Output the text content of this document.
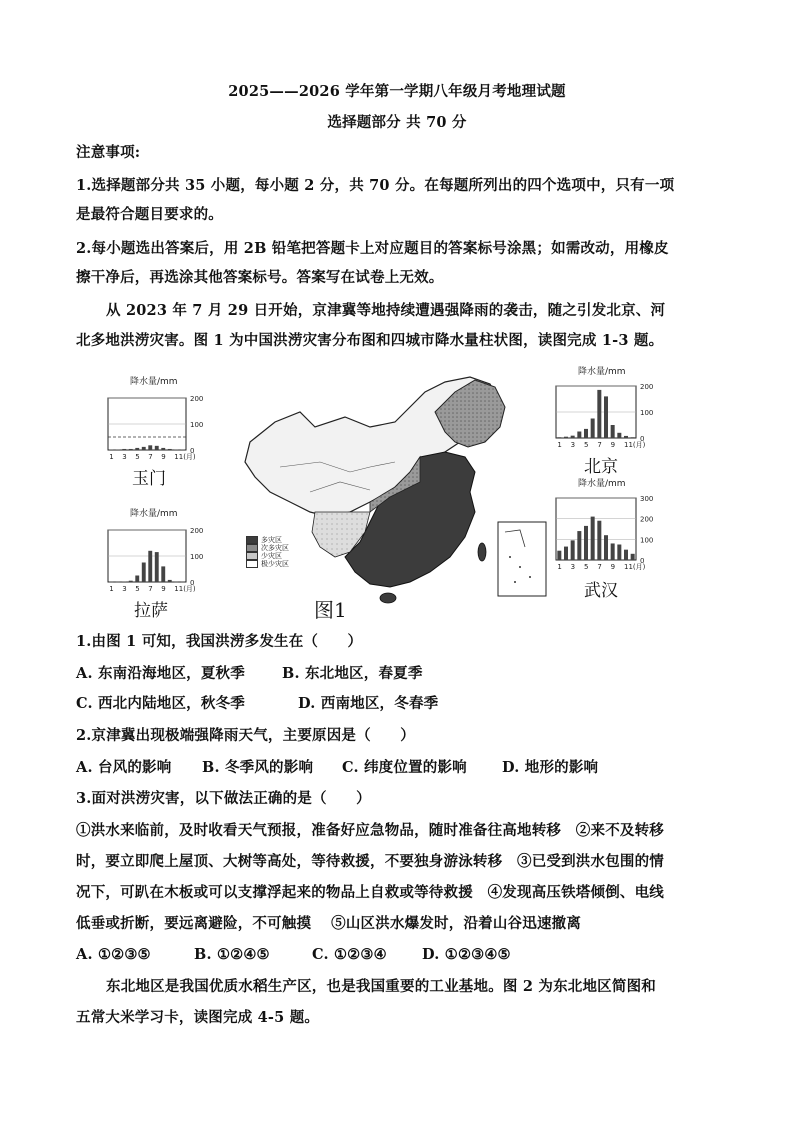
2025——2026 学年第一学期八年级月考地理试题
选择题部分 共 70 分
注意事项:
1.选择题部分共 35 小题，每小题 2 分，共 70 分。在每题所列出的四个选项中，只有一项
是最符合题目要求的。
2.每小题选出答案后，用 2B 铅笔把答题卡上对应题目的答案标号涂黑；如需改动，用橡皮
擦干净后，再选涂其他答案标号。答案写在试卷上无效。
从 2023 年 7 月 29 日开始，京津冀等地持续遭遇强降雨的袭击，随之引发北京、河
北多地洪涝灾害。图 1 为中国洪涝灾害分布图和四城市降水量柱状图，读图完成 1-3 题。
多灾区
次多灾区
少灾区
极少灾区
降水量/mm
100
200
0
1 3 5 7 9 11(月)
玉门
降水量/mm
100
200
0
1 3 5 7 9 11(月)
拉萨
降水量/mm
100
200
0
1 3 5 7 9 11(月)
北京
降水量/mm
100
200
300
0
1 3 5 7 9 11(月)
武汉
图1
1.由图 1 可知，我国洪涝多发生在（　　）
A. 东南沿海地区，夏秋季	B. 东北地区，春夏季
C. 西北内陆地区，秋冬季	D. 西南地区，冬春季
2.京津冀出现极端强降雨天气，主要原因是（　　）
A. 台风的影响 B. 冬季风的影响 C. 纬度位置的影响 D. 地形的影响
3.面对洪涝灾害，以下做法正确的是（　　）
①洪水来临前，及时收看天气预报，准备好应急物品，随时准备往高地转移　②来不及转移
时，要立即爬上屋顶、大树等高处，等待救援，不要独身游泳转移　③已受到洪水包围的情
况下，可趴在木板或可以支撑浮起来的物品上自救或等待救援　④发现高压铁塔倾倒、电线
低垂或折断，要远离避险，不可触摸　 ⑤山区洪水爆发时，沿着山谷迅速撤离
A. ①②③⑤	B. ①②④⑤	C. ①②③④ D. ①②③④⑤
东北地区是我国优质水稻生产区，也是我国重要的工业基地。图 2 为东北地区简图和
五常大米学习卡，读图完成 4-5 题。
